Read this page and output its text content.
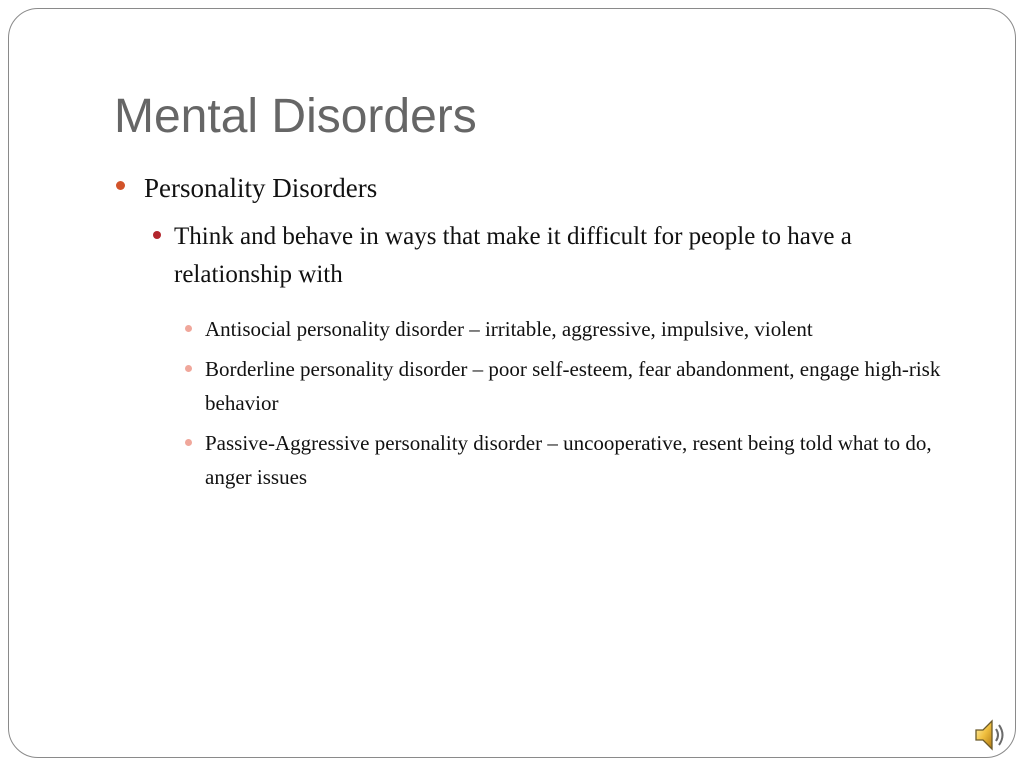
Mental Disorders
Personality Disorders
Think and behave in ways that make it difficult for people to have a relationship with
Antisocial personality disorder – irritable, aggressive, impulsive, violent
Borderline personality disorder – poor self-esteem, fear abandonment, engage high-risk behavior
Passive-Aggressive personality disorder – uncooperative, resent being told what to do, anger issues
